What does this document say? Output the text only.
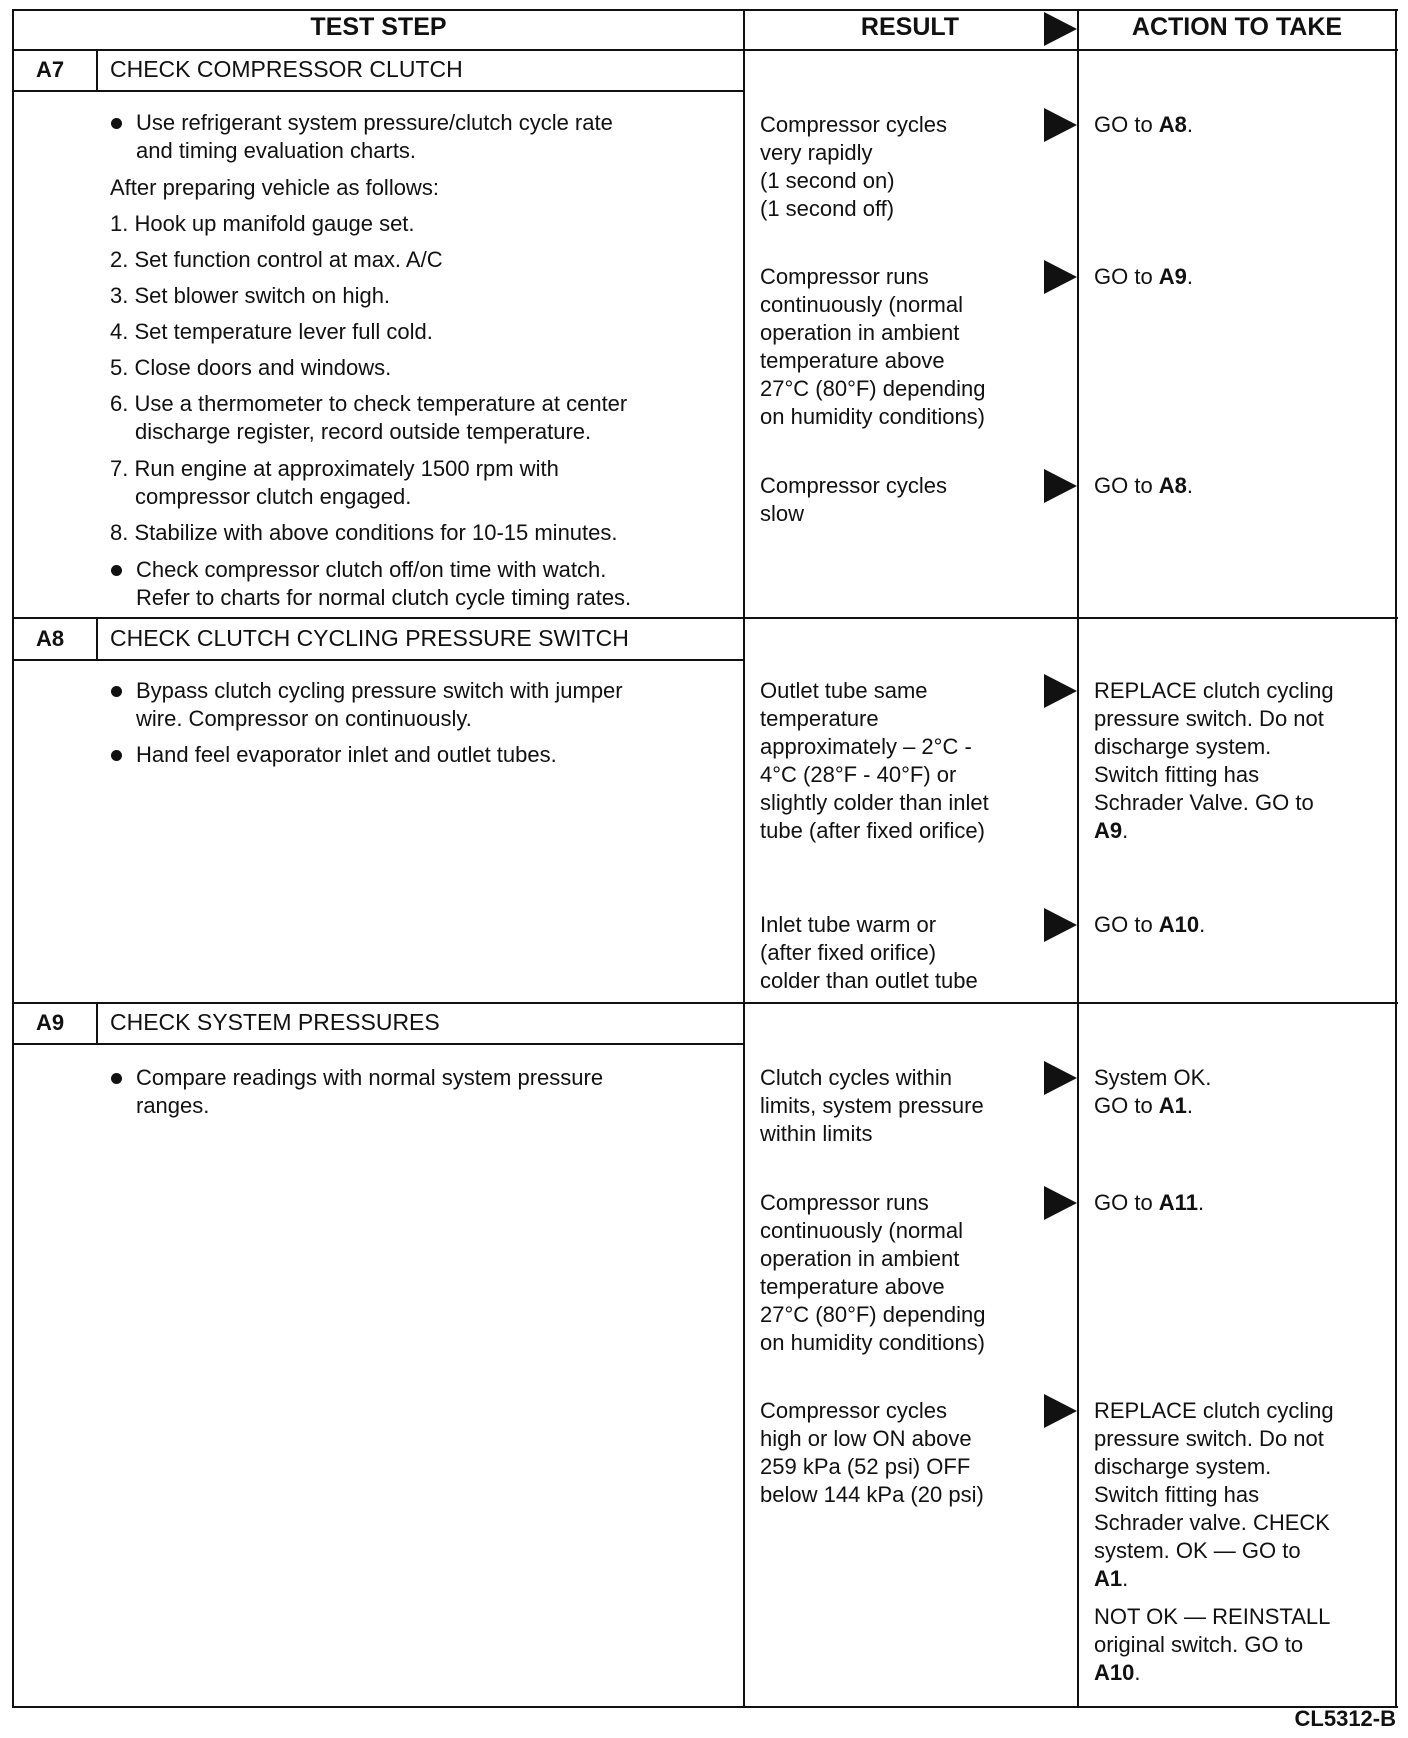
TEST STEP	RESULT	ACTION TO TAKE
A7 CHECK COMPRESSOR CLUTCH
Use refrigerant system pressure/clutch cycle rate
and timing evaluation charts.
After preparing vehicle as follows:
1. Hook up manifold gauge set.
2. Set function control at max. A/C
3. Set blower switch on high.
4. Set temperature lever full cold.
5. Close doors and windows.
6. Use a thermometer to check temperature at center
discharge register, record outside temperature.
7. Run engine at approximately 1500 rpm with
compressor clutch engaged.
8. Stabilize with above conditions for 10-15 minutes.
Check compressor clutch off/on time with watch.
Refer to charts for normal clutch cycle timing rates.
Compressor cycles
very rapidly
(1 second on)
(1 second off)
GO to A8.
Compressor runs
continuously (normal
operation in ambient
temperature above
27°C (80°F) depending
on humidity conditions)
GO to A9.
Compressor cycles
slow
GO to A8.
A8 CHECK CLUTCH CYCLING PRESSURE SWITCH
Bypass clutch cycling pressure switch with jumper
wire. Compressor on continuously.
Hand feel evaporator inlet and outlet tubes.
Outlet tube same
temperature
approximately – 2°C -
4°C (28°F - 40°F) or
slightly colder than inlet
tube (after fixed orifice)
REPLACE clutch cycling
pressure switch. Do not
discharge system.
Switch fitting has
Schrader Valve. GO to
A9.
Inlet tube warm or
(after fixed orifice)
colder than outlet tube
GO to A10.
A9 CHECK SYSTEM PRESSURES
Compare readings with normal system pressure
ranges.
Clutch cycles within
limits, system pressure
within limits
System OK.
GO to A1.
Compressor runs
continuously (normal
operation in ambient
temperature above
27°C (80°F) depending
on humidity conditions)
GO to A11.
Compressor cycles
high or low ON above
259 kPa (52 psi) OFF
below 144 kPa (20 psi)
REPLACE clutch cycling
pressure switch. Do not
discharge system.
Switch fitting has
Schrader valve. CHECK
system. OK — GO to
A1.
NOT OK — REINSTALL
original switch. GO to
A10.
CL5312-B
